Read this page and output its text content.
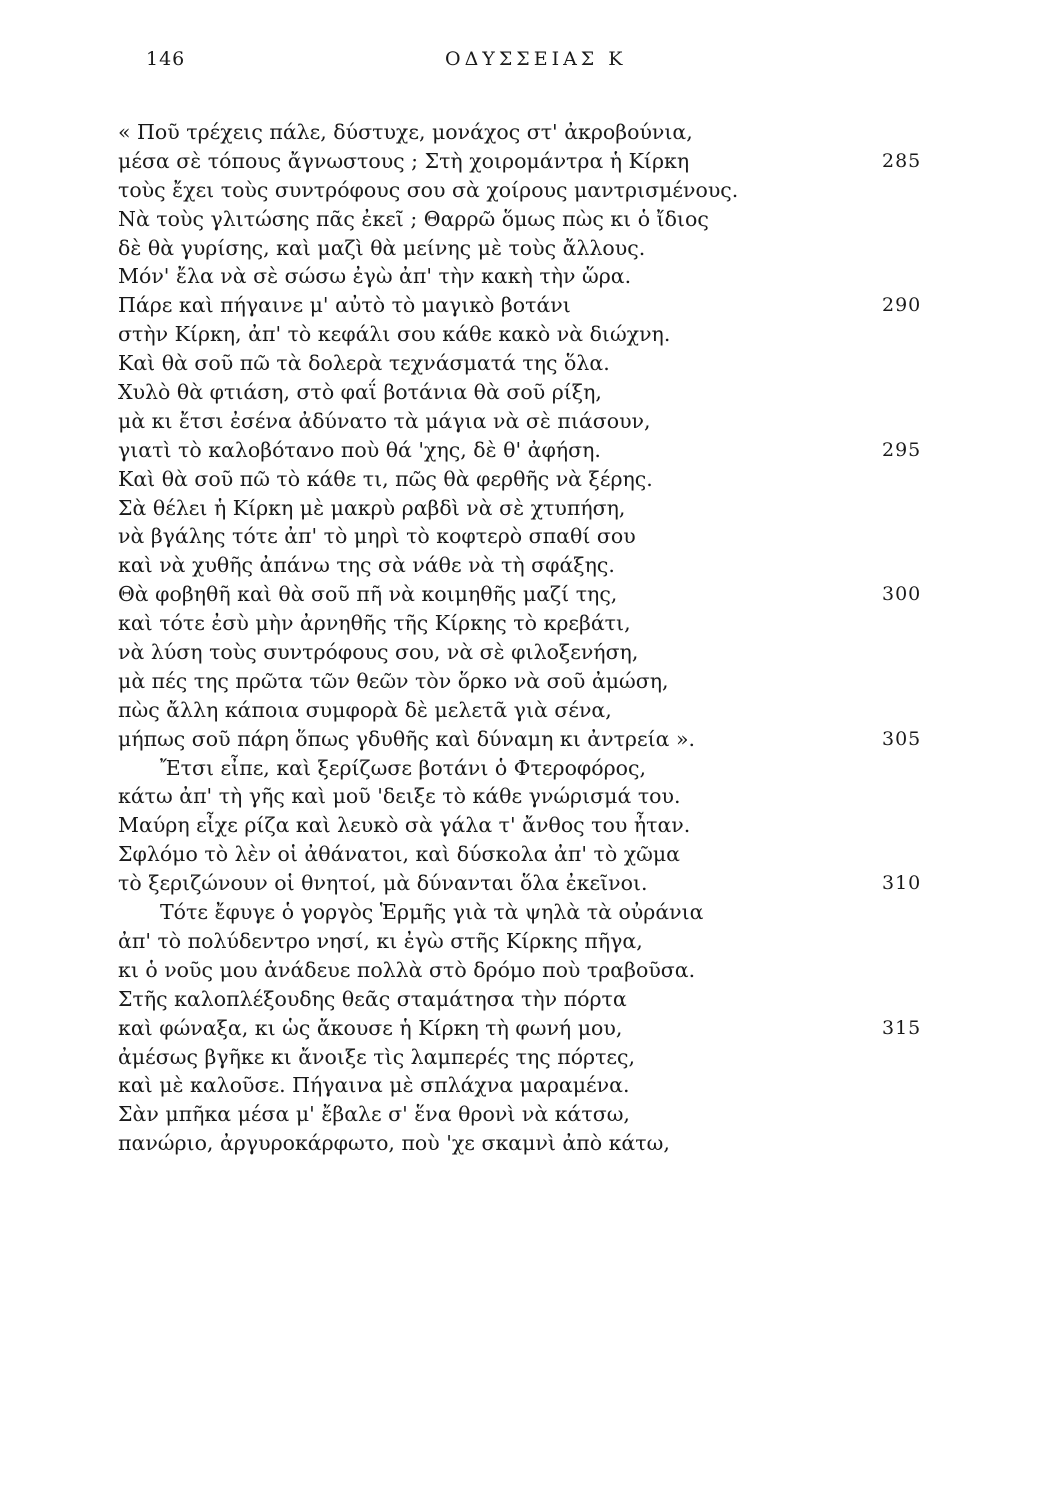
146	ΟΔΥΣΣΕΙΑΣ Κ
« Ποῦ τρέχεις πάλε, δύστυχε, μονάχος στ' ἀκροβούνια,
μέσα σὲ τόπους ἄγνωστους ; Στὴ χοιρομάντρα ἡ Κίρκη	285
τοὺς ἔχει τοὺς συντρόφους σου σὰ χοίρους μαντρισμένους.
Νὰ τοὺς γλιτώσης πᾶς ἐκεῖ ; Θαρρῶ ὅμως πὼς κι ὁ ἴδιος
δὲ θὰ γυρίσης, καὶ μαζὶ θὰ μείνης μὲ τοὺς ἄλλους.
Μόν' ἔλα νὰ σὲ σώσω ἐγὼ ἀπ' τὴν κακὴ τὴν ὥρα.
Πάρε καὶ πήγαινε μ' αὐτὸ τὸ μαγικὸ βοτάνι	290
στὴν Κίρκη, ἀπ' τὸ κεφάλι σου κάθε κακὸ νὰ διώχνη.
Καὶ θὰ σοῦ πῶ τὰ δολερὰ τεχνάσματά της ὅλα.
Χυλὸ θὰ φτιάση, στὸ φαΐ βοτάνια θὰ σοῦ ρίξη,
μὰ κι ἔτσι ἐσένα ἀδύνατο τὰ μάγια νὰ σὲ πιάσουν,
γιατὶ τὸ καλοβότανο ποὺ θά 'χης, δὲ θ' ἀφήση.	295
Καὶ θὰ σοῦ πῶ τὸ κάθε τι, πῶς θὰ φερθῆς νὰ ξέρης.
Σὰ θέλει ἡ Κίρκη μὲ μακρὺ ραβδὶ νὰ σὲ χτυπήση,
νὰ βγάλης τότε ἀπ' τὸ μηρὶ τὸ κοφτερὸ σπαθί σου
καὶ νὰ χυθῆς ἀπάνω της σὰ νάθε νὰ τὴ σφάξης.
Θὰ φοβηθῆ καὶ θὰ σοῦ πῆ νὰ κοιμηθῆς μαζί της,	300
καὶ τότε ἐσὺ μὴν ἀρνηθῆς τῆς Κίρκης τὸ κρεβάτι,
νὰ λύση τοὺς συντρόφους σου, νὰ σὲ φιλοξενήση,
μὰ πές της πρῶτα τῶν θεῶν τὸν ὅρκο νὰ σοῦ ἀμώση,
πὼς ἄλλη κάποια συμφορὰ δὲ μελετᾶ γιὰ σένα,
μήπως σοῦ πάρη ὅπως γδυθῆς καὶ δύναμη κι ἀντρεία ».	305
Ἔτσι εἶπε, καὶ ξερίζωσε βοτάνι ὁ Φτεροφόρος,
κάτω ἀπ' τὴ γῆς καὶ μοῦ 'δειξε τὸ κάθε γνώρισμά του.
Μαύρη εἶχε ρίζα καὶ λευκὸ σὰ γάλα τ' ἄνθος του ἦταν.
Σφλόμο τὸ λὲν οἱ ἀθάνατοι, καὶ δύσκολα ἀπ' τὸ χῶμα
τὸ ξεριζώνουν οἱ θνητοί, μὰ δύνανται ὅλα ἐκεῖνοι.	310
Τότε ἔφυγε ὁ γοργὸς Ἑρμῆς γιὰ τὰ ψηλὰ τὰ οὐράνια
ἀπ' τὸ πολύδεντρο νησί, κι ἐγὼ στῆς Κίρκης πῆγα,
κι ὁ νοῦς μου ἀνάδευε πολλὰ στὸ δρόμο ποὺ τραβοῦσα.
Στῆς καλοπλέξουδης θεᾶς σταμάτησα τὴν πόρτα
καὶ φώναξα, κι ὡς ἄκουσε ἡ Κίρκη τὴ φωνή μου,	315
ἀμέσως βγῆκε κι ἄνοιξε τὶς λαμπερές της πόρτες,
καὶ μὲ καλοῦσε. Πήγαινα μὲ σπλάχνα μαραμένα.
Σὰν μπῆκα μέσα μ' ἔβαλε σ' ἕνα θρονὶ νὰ κάτσω,
πανώριο, ἀργυροκάρφωτο, ποὺ 'χε σκαμνὶ ἀπὸ κάτω,
